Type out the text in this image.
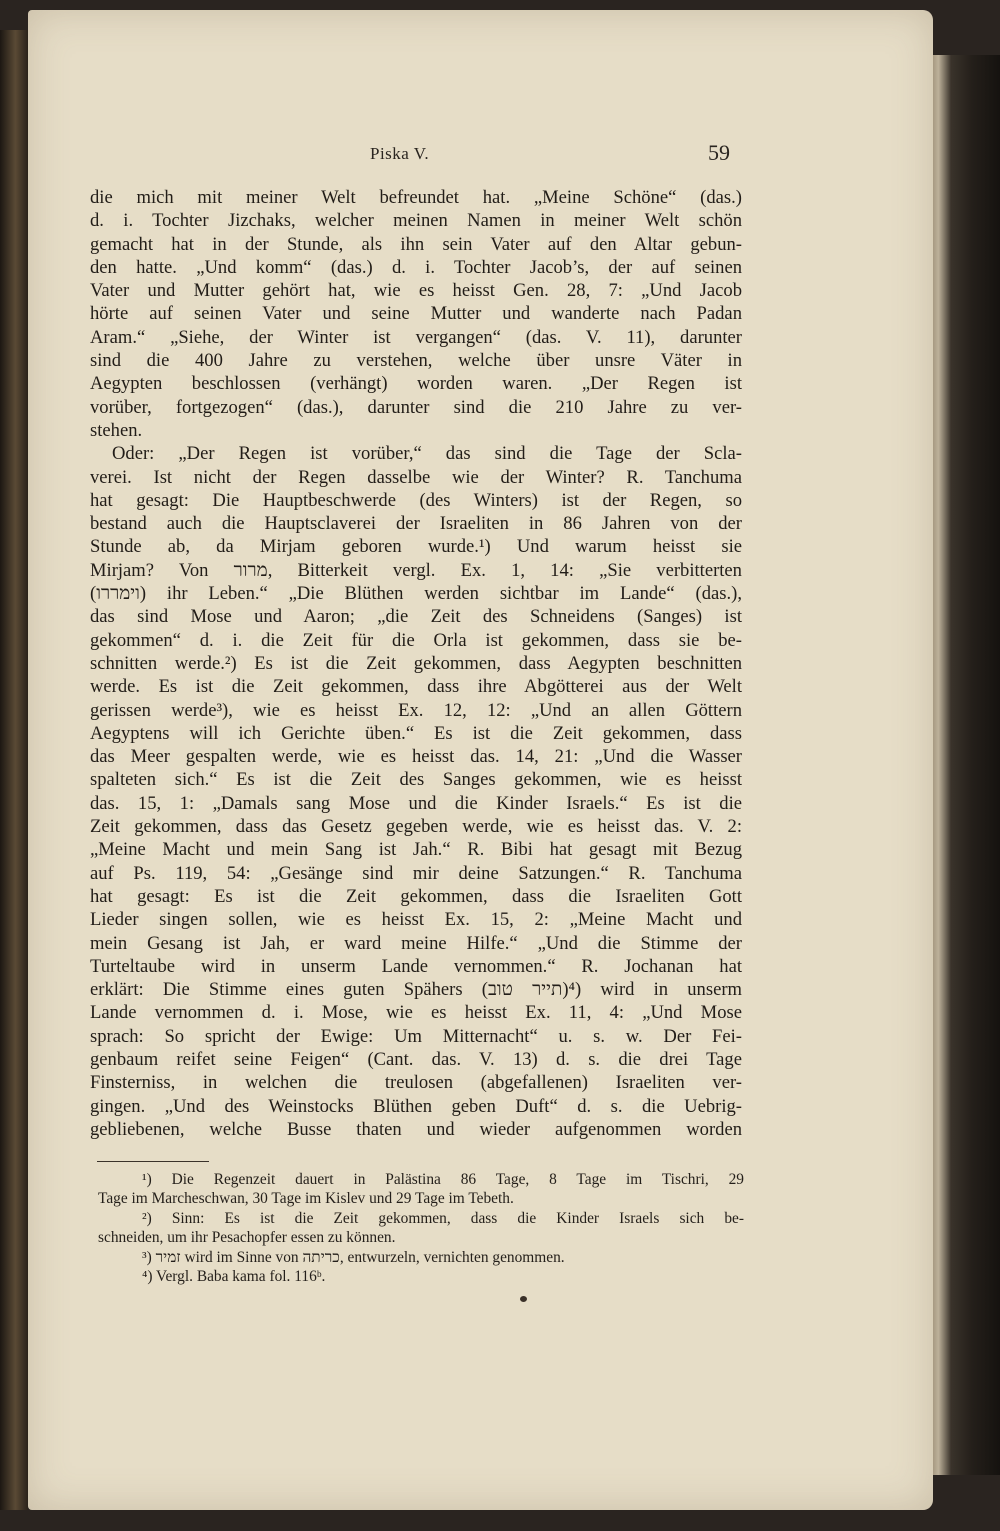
Piska V.	59
die mich mit meiner Welt befreundet hat. „Meine Schöne“ (das.)
d. i. Tochter Jizchaks, welcher meinen Namen in meiner Welt schön
gemacht hat in der Stunde, als ihn sein Vater auf den Altar gebun-
den hatte. „Und komm“ (das.) d. i. Tochter Jacob’s, der auf seinen
Vater und Mutter gehört hat, wie es heisst Gen. 28, 7: „Und Jacob
hörte auf seinen Vater und seine Mutter und wanderte nach Padan
Aram.“ „Siehe, der Winter ist vergangen“ (das. V. 11), darunter
sind die 400 Jahre zu verstehen, welche über unsre Väter in
Aegypten beschlossen (verhängt) worden waren. „Der Regen ist
vorüber, fortgezogen“ (das.), darunter sind die 210 Jahre zu ver-
stehen.
Oder: „Der Regen ist vorüber,“ das sind die Tage der Scla-
verei. Ist nicht der Regen dasselbe wie der Winter? R. Tanchuma
hat gesagt: Die Hauptbeschwerde (des Winters) ist der Regen, so
bestand auch die Hauptsclaverei der Israeliten in 86 Jahren von der
Stunde ab, da Mirjam geboren wurde.¹) Und warum heisst sie
Mirjam? Von מרור, Bitterkeit vergl. Ex. 1, 14: „Sie verbitterten
(וימררו) ihr Leben.“ „Die Blüthen werden sichtbar im Lande“ (das.),
das sind Mose und Aaron; „die Zeit des Schneidens (Sanges) ist
gekommen“ d. i. die Zeit für die Orla ist gekommen, dass sie be-
schnitten werde.²) Es ist die Zeit gekommen, dass Aegypten beschnitten
werde. Es ist die Zeit gekommen, dass ihre Abgötterei aus der Welt
gerissen werde³), wie es heisst Ex. 12, 12: „Und an allen Göttern
Aegyptens will ich Gerichte üben.“ Es ist die Zeit gekommen, dass
das Meer gespalten werde, wie es heisst das. 14, 21: „Und die Wasser
spalteten sich.“ Es ist die Zeit des Sanges gekommen, wie es heisst
das. 15, 1: „Damals sang Mose und die Kinder Israels.“ Es ist die
Zeit gekommen, dass das Gesetz gegeben werde, wie es heisst das. V. 2:
„Meine Macht und mein Sang ist Jah.“ R. Bibi hat gesagt mit Bezug
auf Ps. 119, 54: „Gesänge sind mir deine Satzungen.“ R. Tanchuma
hat gesagt: Es ist die Zeit gekommen, dass die Israeliten Gott
Lieder singen sollen, wie es heisst Ex. 15, 2: „Meine Macht und
mein Gesang ist Jah, er ward meine Hilfe.“ „Und die Stimme der
Turteltaube wird in unserm Lande vernommen.“ R. Jochanan hat
erklärt: Die Stimme eines guten Spähers (תייר טוב)⁴) wird in unserm
Lande vernommen d. i. Mose, wie es heisst Ex. 11, 4: „Und Mose
sprach: So spricht der Ewige: Um Mitternacht“ u. s. w. Der Fei-
genbaum reifet seine Feigen“ (Cant. das. V. 13) d. s. die drei Tage
Finsterniss, in welchen die treulosen (abgefallenen) Israeliten ver-
gingen. „Und des Weinstocks Blüthen geben Duft“ d. s. die Uebrig-
gebliebenen, welche Busse thaten und wieder aufgenommen worden
¹) Die Regenzeit dauert in Palästina 86 Tage, 8 Tage im Tischri, 29
Tage im Marcheschwan, 30 Tage im Kislev und 29 Tage im Tebeth.
²) Sinn: Es ist die Zeit gekommen, dass die Kinder Israels sich be-
schneiden, um ihr Pesachopfer essen zu können.
³) זמיר wird im Sinne von כריתה, entwurzeln, vernichten genommen.
⁴) Vergl. Baba kama fol. 116ᵇ.
